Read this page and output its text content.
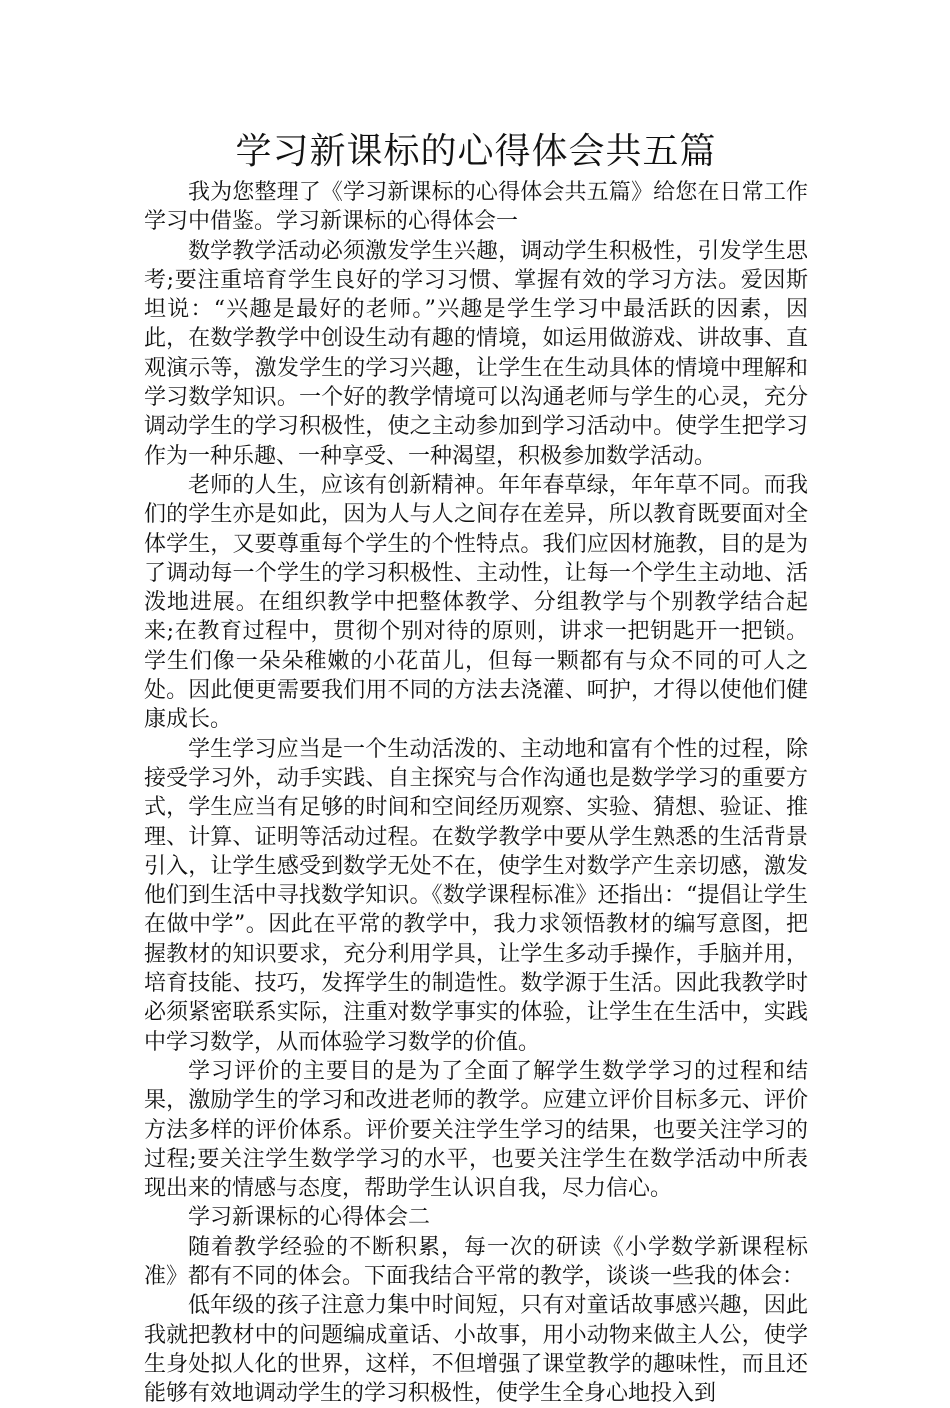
学习新课标的心得体会共五篇

我为您整理了《学习新课标的心得体会共五篇》给您在日常工作学习中借鉴。学习新课标的心得体会一

数学教学活动必须激发学生兴趣，调动学生积极性，引发学生思考;要注重培育学生良好的学习习惯、掌握有效的学习方法。爱因斯坦说：“兴趣是最好的老师。”兴趣是学生学习中最活跃的因素，因此，在数学教学中创设生动有趣的情境，如运用做游戏、讲故事、直观演示等，激发学生的学习兴趣，让学生在生动具体的情境中理解和学习数学知识。一个好的教学情境可以沟通老师与学生的心灵，充分调动学生的学习积极性，使之主动参加到学习活动中。使学生把学习作为一种乐趣、一种享受、一种渴望，积极参加数学活动。

老师的人生，应该有创新精神。年年春草绿，年年草不同。而我们的学生亦是如此，因为人与人之间存在差异，所以教育既要面对全体学生，又要尊重每个学生的个性特点。我们应因材施教，目的是为了调动每一个学生的学习积极性、主动性，让每一个学生主动地、活泼地进展。在组织教学中把整体教学、分组教学与个别教学结合起来;在教育过程中，贯彻个别对待的原则，讲求一把钥匙开一把锁。学生们像一朵朵稚嫩的小花苗儿，但每一颗都有与众不同的可人之处。因此便更需要我们用不同的方法去浇灌、呵护，才得以使他们健康成长。

学生学习应当是一个生动活泼的、主动地和富有个性的过程，除接受学习外，动手实践、自主探究与合作沟通也是数学学习的重要方式，学生应当有足够的时间和空间经历观察、实验、猜想、验证、推理、计算、证明等活动过程。在数学教学中要从学生熟悉的生活背景引入，让学生感受到数学无处不在，使学生对数学产生亲切感，激发他们到生活中寻找数学知识。《数学课程标准》还指出：“提倡让学生在做中学”。因此在平常的教学中，我力求领悟教材的编写意图，把握教材的知识要求，充分利用学具，让学生多动手操作，手脑并用，培育技能、技巧，发挥学生的制造性。数学源于生活。因此我教学时必须紧密联系实际，注重对数学事实的体验，让学生在生活中，实践中学习数学，从而体验学习数学的价值。

学习评价的主要目的是为了全面了解学生数学学习的过程和结果，激励学生的学习和改进老师的教学。应建立评价目标多元、评价方法多样的评价体系。评价要关注学生学习的结果，也要关注学习的过程;要关注学生数学学习的水平，也要关注学生在数学活动中所表现出来的情感与态度，帮助学生认识自我，尽力信心。

学习新课标的心得体会二

随着教学经验的不断积累，每一次的研读《小学数学新课程标准》都有不同的体会。下面我结合平常的教学，谈谈一些我的体会：

低年级的孩子注意力集中时间短，只有对童话故事感兴趣，因此我就把教材中的问题编成童话、小故事，用小动物来做主人公，使学生身处拟人化的世界，这样，不但增强了课堂教学的趣味性，而且还能够有效地调动学生的学习积极性，使学生全身心地投入到
